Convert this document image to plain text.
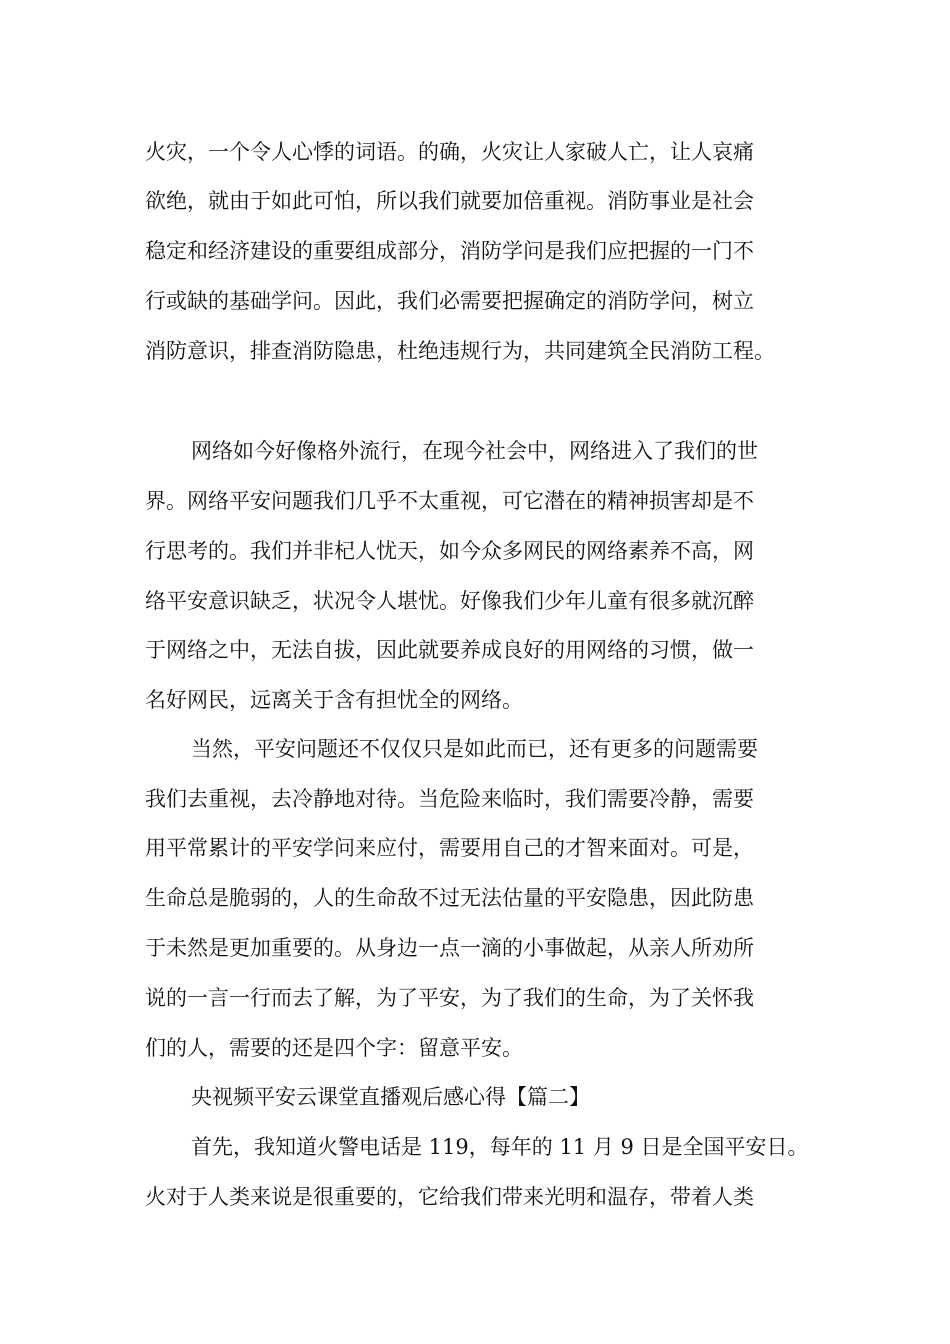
火灾，一个令人心悸的词语。的确，火灾让人家破人亡，让人哀痛

欲绝，就由于如此可怕，所以我们就要加倍重视。消防事业是社会

稳定和经济建设的重要组成部分，消防学问是我们应把握的一门不

行或缺的基础学问。因此，我们必需要把握确定的消防学问，树立

消防意识，排查消防隐患，杜绝违规行为，共同建筑全民消防工程。

网络如今好像格外流行，在现今社会中，网络进入了我们的世

界。网络平安问题我们几乎不太重视，可它潜在的精神损害却是不

行思考的。我们并非杞人忧天，如今众多网民的网络素养不高，网

络平安意识缺乏，状况令人堪忧。好像我们少年儿童有很多就沉醉

于网络之中，无法自拔，因此就要养成良好的用网络的习惯，做一

名好网民，远离关于含有担忧全的网络。

当然，平安问题还不仅仅只是如此而已，还有更多的问题需要

我们去重视，去冷静地对待。当危险来临时，我们需要冷静，需要

用平常累计的平安学问来应付，需要用自己的才智来面对。可是，

生命总是脆弱的，人的生命敌不过无法估量的平安隐患，因此防患

于未然是更加重要的。从身边一点一滴的小事做起，从亲人所劝所

说的一言一行而去了解，为了平安，为了我们的生命，为了关怀我

们的人，需要的还是四个字：留意平安。

央视频平安云课堂直播观后感心得【篇二】

首先，我知道火警电话是 119，每年的 11 月 9 日是全国平安日。

火对于人类来说是很重要的，它给我们带来光明和温存，带着人类
